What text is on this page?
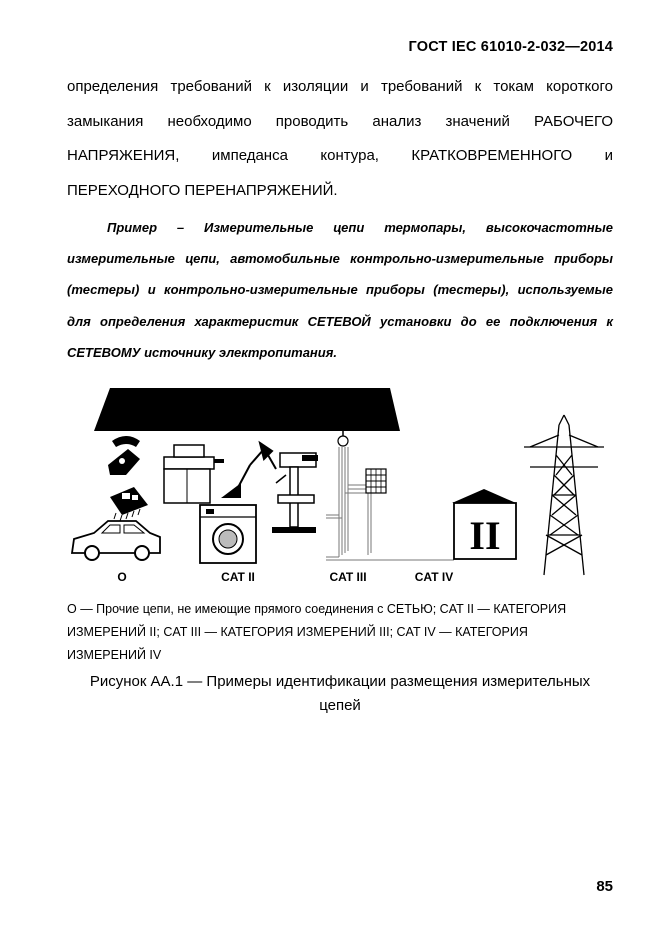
ГОСТ IEC 61010-2-032—2014
определения требований к изоляции и требований к токам короткого
замыкания необходимо проводить анализ значений РАБОЧЕГО
НАПРЯЖЕНИЯ, импеданса контура, КРАТКОВРЕМЕННОГО и
ПЕРЕХОДНОГО ПЕРЕНАПРЯЖЕНИЙ.
Пример – Измерительные цепи термопары, высокочастотные
измерительные цепи, автомобильные контрольно-измерительные приборы
(тестеры) и контрольно-измерительные приборы (тестеры), используемые
для определения характеристик СЕТЕВОЙ установки до ее подключения к
СЕТЕВОМУ источнику электропитания.
O	CAT II	CAT III	CAT IV
II
О — Прочие цепи, не имеющие прямого соединения с СЕТЬЮ; CAT II — КАТЕГОРИЯ
ИЗМЕРЕНИЙ II; CAT III — КАТЕГОРИЯ ИЗМЕРЕНИЙ III; CAT IV — КАТЕГОРИЯ
ИЗМЕРЕНИЙ IV
Рисунок АА.1 — Примеры идентификации размещения измерительных
цепей
85
